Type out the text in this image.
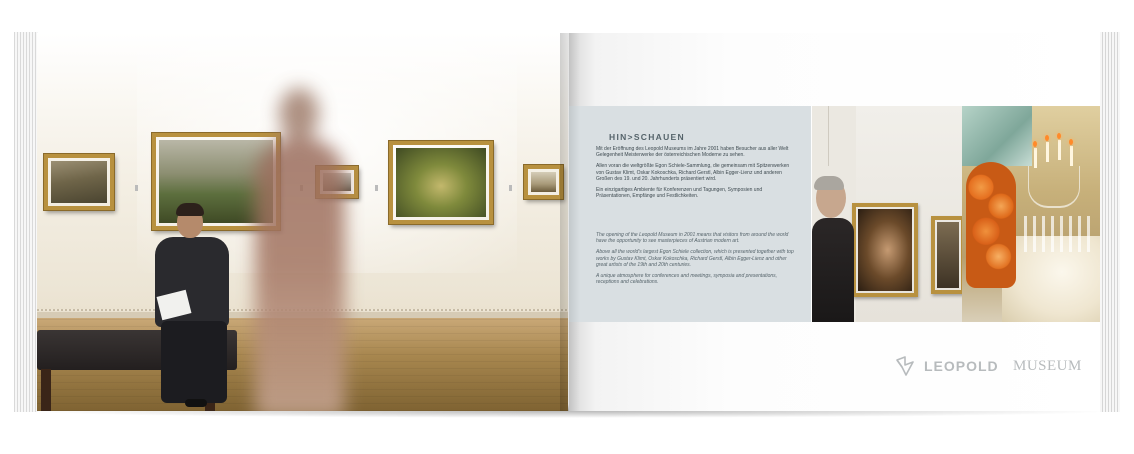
HIN>SCHAUEN

Mit der Eröffnung des Leopold Museums im Jahre 2001 haben Besucher aus aller Welt Gelegenheit Meisterwerke der österreichischen Moderne zu sehen.

Allen voran die weltgrößte Egon Schiele-Sammlung, die gemeinsam mit Spitzenwerken von Gustav Klimt, Oskar Kokoschka, Richard Gerstl, Albin Egger-Lienz und anderen Großen des 19. und 20. Jahrhunderts präsentiert wird.

Ein einzigartiges Ambiente für Konferenzen und Tagungen, Symposien und Präsentationen, Empfänge und Festlichkeiten.

The opening of the Leopold Museum in 2001 means that visitors from around the world have the opportunity to see masterpieces of Austrian modern art.

Above all the world's largest Egon Schiele collection, which is presented together with top works by Gustav Klimt, Oskar Kokoschka, Richard Gerstl, Albin Egger-Lienz and other great artists of the 19th and 20th centuries.

A unique atmosphere for conferences and meetings, symposia and presentations, receptions and celebrations.

LEOPOLD MUSEUM
